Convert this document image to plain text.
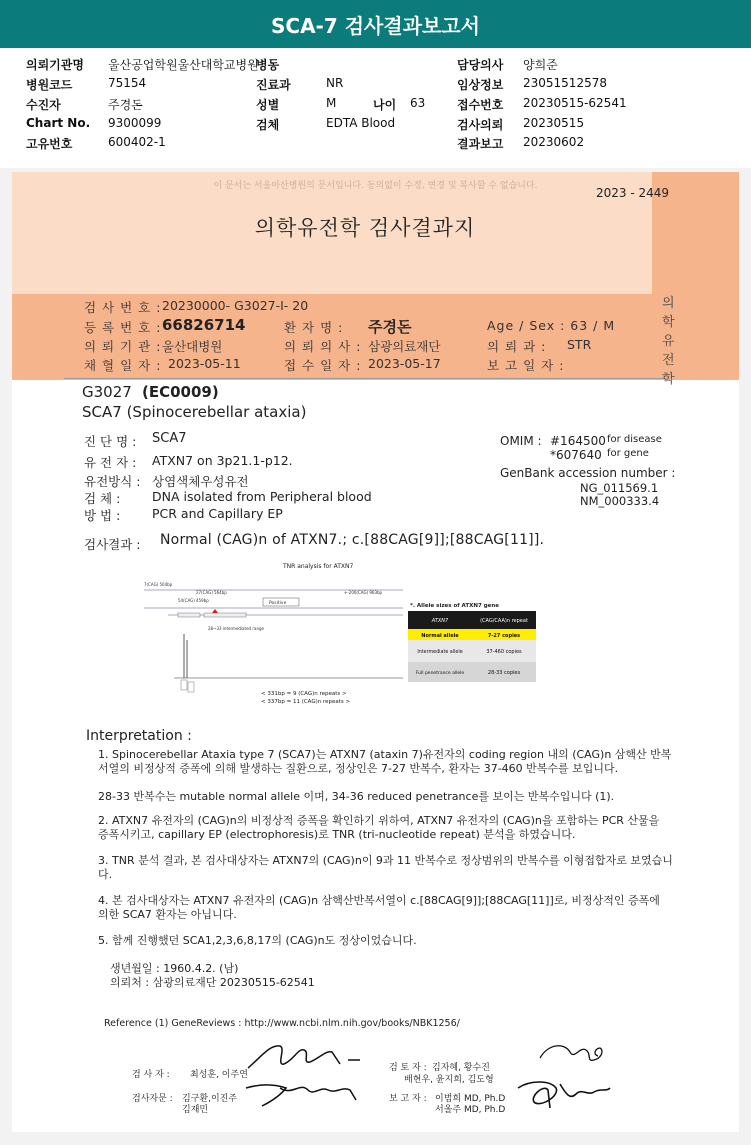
SCA-7 검사결과보고서
의뢰기관명 울산공업학원울산대학교병원
병동	담당의사 양희준
병원코드	75154	진료과	NR	임상정보 23051512578
수진자	주경돈	성별	M	나이 63	접수번호 20230515-62541
Chart No. 9300099	검체	EDTA Blood	검사의뢰 20230515
고유번호	600402-1	결과보고 20230602
이 문서는 서울아산병원의 문서입니다. 동의없이 수정, 변경 및 복사할 수 없습니다.	2023 - 2449
의학유전학 검사결과지
의학유전학
검 사 번 호 : 20230000- G3027-I- 20
등 록 번 호 : 66826714	환 자 명 : 주경돈	Age / Sex : 63 / M
의 뢰 기 관 : 울산대병원	의 뢰 의 사 : 삼광의료재단	의 뢰 과 : STR
채 혈 일 자 : 2023-05-11	접 수 일 자 : 2023-05-17	보 고 일 자 :
G3027 (EC0009)
SCA7 (Spinocerebellar ataxia)
진 단 명 : SCA7
유 전 자 : ATXN7 on 3p21.1-p12.
유전방식 : 상염색체우성유전
검 체 :	DNA isolated from Peripheral blood
방 법 :	PCR and Capillary EP
OMIM : #164500 for disease
*607640 for gene
GenBank accession number :
NG_011569.1
NM_000333.4
검사결과 : Normal (CAG)n of ATXN7.; c.[88CAG[9]];[88CAG[11]].
TNR analysis for ATXN7
7(CAG) 504bp
27(CAG) 564bp
54(CAG) 459bp
Positive
+-200(CAG) 963bp
28~33 intermediated range
< 331bp = 9 (CAG)n repeats >
< 337bp = 11 (CAG)n repeats >
*. Allele sizes of ATXN7 gene
ATXN7	(CAG/CAA)n repeat
Normal allele	7-27 copies
Intermediate allele	37-460 copies
Full penetrance allele	28-33 copies
Interpretation :
1. Spinocerebellar Ataxia type 7 (SCA7)는 ATXN7 (ataxin 7)유전자의 coding region 내의 (CAG)n 삼핵산 반복서열의 비정상적 증폭에 의해 발생하는 질환으로, 정상인은 7-27 반복수, 환자는 37-460 반복수를 보입니다.
28-33 반복수는 mutable normal allele 이며, 34-36 reduced penetrance를 보이는 반복수입니다 (1).
2. ATXN7 유전자의 (CAG)n의 비정상적 증폭을 확인하기 위하여, ATXN7 유전자의 (CAG)n을 포함하는 PCR 산물을 증폭시키고, capillary EP (electrophoresis)로 TNR (tri-nucleotide repeat) 분석을 하였습니다.
3. TNR 분석 결과, 본 검사대상자는 ATXN7의 (CAG)n이 9과 11 반복수로 정상범위의 반복수를 이형접합자로 보였습니다.
4. 본 검사대상자는 ATXN7 유전자의 (CAG)n 삼핵산반복서열이 c.[88CAG[9]];[88CAG[11]]로, 비정상적인 증폭에 의한 SCA7 환자는 아닙니다.
5. 함께 진행했던 SCA1,2,3,6,8,17의 (CAG)n도 정상이었습니다.
생년월일 : 1960.4.2. (남)
의뢰처 : 삼광의료재단 20230515-62541
Reference (1) GeneReviews : http://www.ncbi.nlm.nih.gov/books/NBK1256/
검 사 자 : 최성훈, 이주연
검 토 자 : 김자혜, 황수진
배현우, 윤지희, 김도형
검사자문 : 김구환,이진주
김재민
보 고 자 : 이범희 MD, Ph.D
서올주 MD, Ph.D
